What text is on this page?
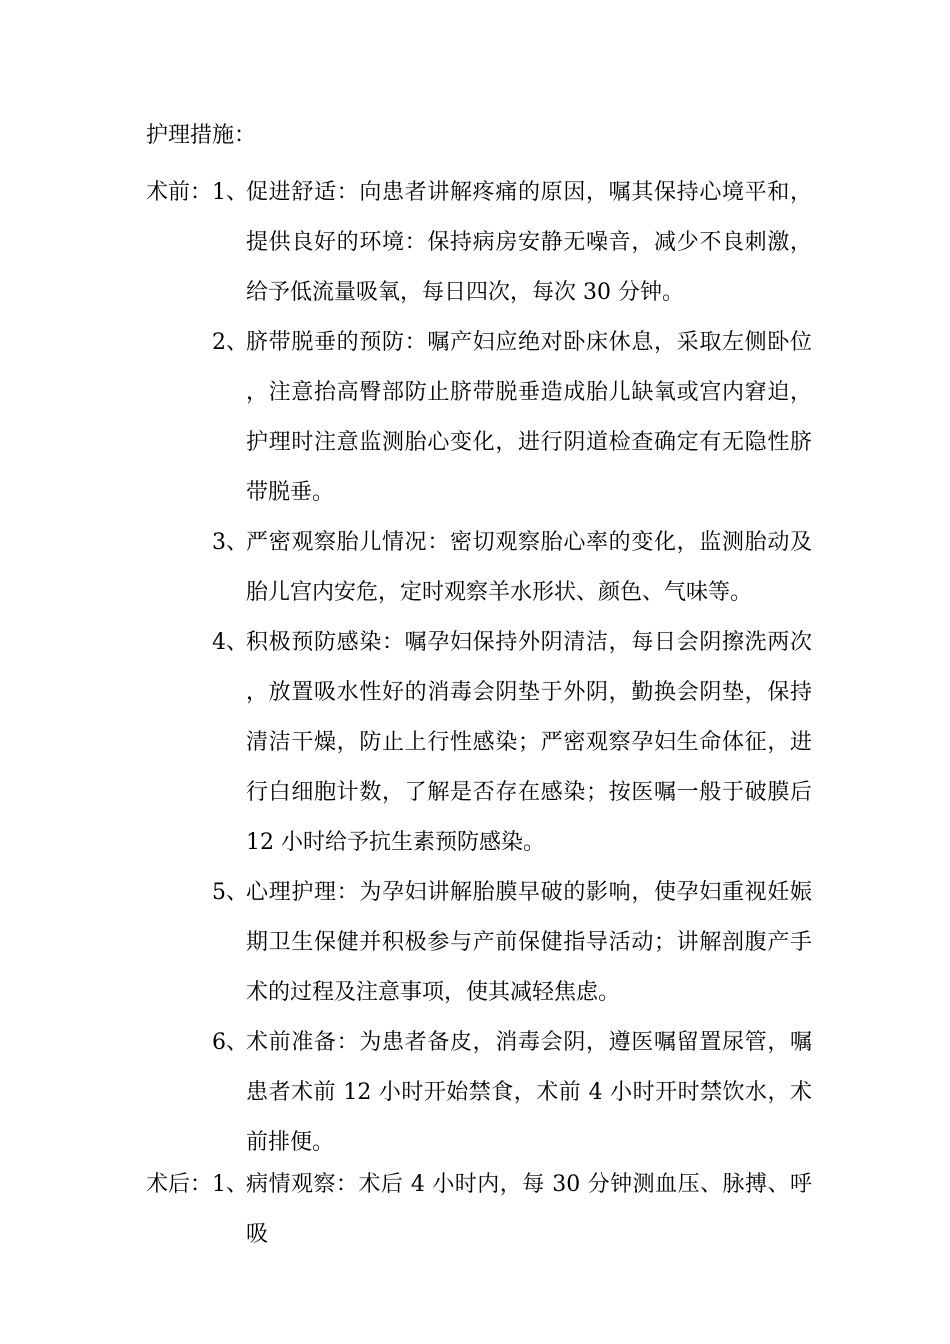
护理措施：
术前： 1、
促进舒适：向患者讲解疼痛的原因，嘱其保持心境平和，提供良好的环境：保持病房安静无噪音，减少不良刺激，给予低流量吸氧，每日四次，每次 30 分钟。
2、
脐带脱垂的预防：嘱产妇应绝对卧床休息，采取左侧卧位，注意抬高臀部防止脐带脱垂造成胎儿缺氧或宫内窘迫，护理时注意监测胎心变化，进行阴道检查确定有无隐性脐带脱垂。
3、
严密观察胎儿情况：密切观察胎心率的变化，监测胎动及胎儿宫内安危，定时观察羊水形状、颜色、气味等。
4、
积极预防感染：嘱孕妇保持外阴清洁，每日会阴擦洗两次，放置吸水性好的消毒会阴垫于外阴，勤换会阴垫，保持清洁干燥，防止上行性感染；严密观察孕妇生命体征，进行白细胞计数，了解是否存在感染；按医嘱一般于破膜后 12 小时给予抗生素预防感染。
5、
心理护理：为孕妇讲解胎膜早破的影响，使孕妇重视妊娠期卫生保健并积极参与产前保健指导活动；讲解剖腹产手术的过程及注意事项，使其减轻焦虑。
6、
术前准备：为患者备皮，消毒会阴，遵医嘱留置尿管，嘱患者术前 12 小时开始禁食，术前 4 小时开时禁饮水，术前排便。
术后： 1、
病情观察：术后 4 小时内，每 30 分钟测血压、脉搏、呼吸
